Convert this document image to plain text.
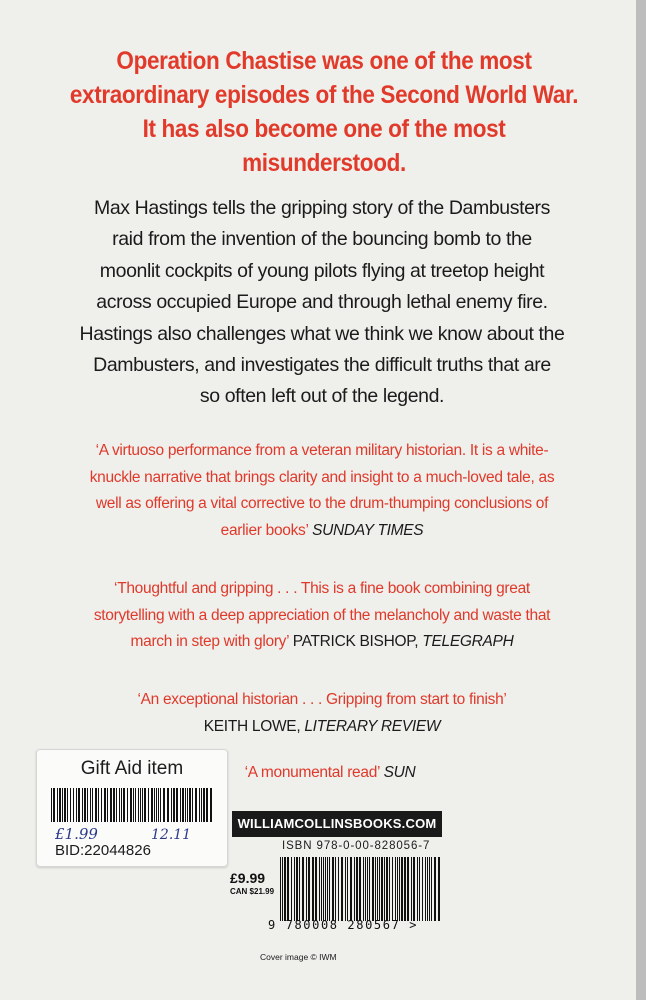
Operation Chastise was one of the most
extraordinary episodes of the Second World War.
It has also become one of the most misunderstood.
Max Hastings tells the gripping story of the Dambusters
raid from the invention of the bouncing bomb to the
moonlit cockpits of young pilots flying at treetop height
across occupied Europe and through lethal enemy fire.
Hastings also challenges what we think we know about the
Dambusters, and investigates the difficult truths that are
so often left out of the legend.
‘A virtuoso performance from a veteran military historian. It is a white-
knuckle narrative that brings clarity and insight to a much-loved tale, as
well as offering a vital corrective to the drum-thumping conclusions of
earlier books’ SUNDAY TIMES
‘Thoughtful and gripping . . . This is a fine book combining great
storytelling with a deep appreciation of the melancholy and waste that
march in step with glory’ PATRICK BISHOP, TELEGRAPH
‘An exceptional historian . . . Gripping from start to finish’
KEITH LOWE, LITERARY REVIEW
‘A monumental read’ SUN
Gift Aid item
£1.99	12.11
BID:22044826
WILLIAMCOLLINSBOOKS.COM
ISBN 978-0-00-828056-7
£9.99
CAN $21.99
9 780008 280567 >
Cover image © IWM
